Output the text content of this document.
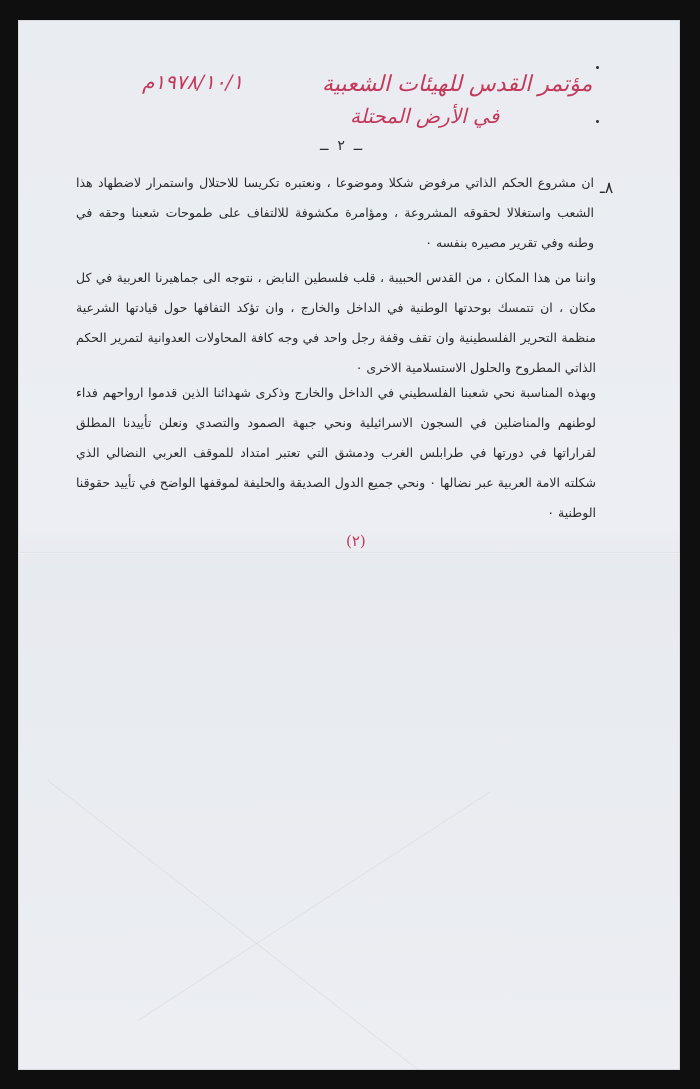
مؤتمر القدس للهيئات الشعبية
١٩٧٨/١٠/١م
في الأرض المحتلة
ـ ٢ ـ
٨ـ

ان مشروع الحكم الذاتي مرفوض شكلا وموضوعا ، ونعتبره تكريسا للاحتلال واستمرار لاضطهاد هذا الشعب واستغلالا لحقوقه المشروعة ، ومؤامرة مكشوفة للالتفاف على طموحات شعبنا وحقه في وطنه وفي تقرير مصيره بنفسه ٠

واننا من هذا المكان ، من القدس الحبيبة ، قلب فلسطين النابض ، نتوجه الى جماهيرنا العربية في كل مكان ، ان تتمسك بوحدتها الوطنية في الداخل والخارج ، وان تؤكد التفافها حول قيادتها الشرعية منظمة التحرير الفلسطينية وان تقف وقفة رجل واحد في وجه كافة المحاولات العدوانية لتمرير الحكم الذاتي المطروح والحلول الاستسلامية الاخرى ٠

وبهذه المناسبة نحي شعبنا الفلسطيني في الداخل والخارج وذكرى شهدائنا الذين قدموا ارواحهم فداء لوطنهم والمناضلين في السجون الاسرائيلية ونحي جبهة الصمود والتصدي ونعلن تأييدنا المطلق لقراراتها في دورتها في طرابلس الغرب ودمشق التي تعتبر امتداد للموقف العربي النضالي الذي شكلته الامة العربية عبر نضالها ٠ ونحي جميع الدول الصديقة والحليفة لموقفها الواضح في تأييد حقوقنا الوطنية ٠

(٢)
